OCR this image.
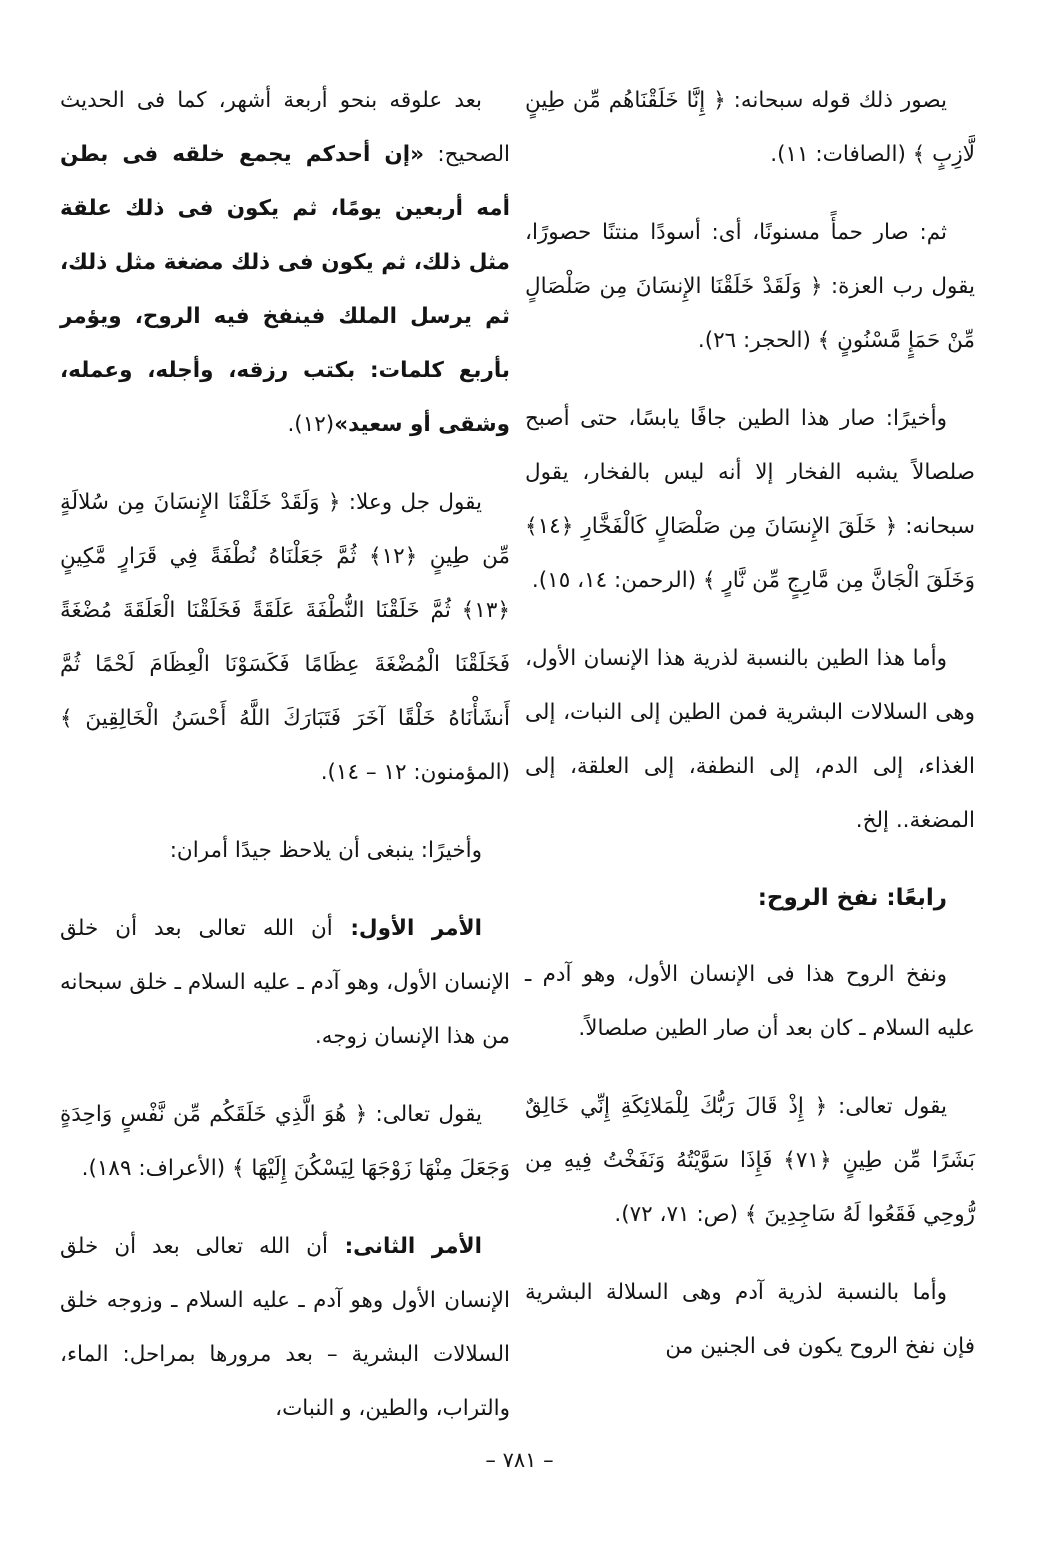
يصور ذلك قوله سبحانه: ﴿ إِنَّا خَلَقْنَاهُم مِّن طِينٍ لَّازِبٍ ﴾ (الصافات: ١١).

ثم: صار حمأً مسنونًا، أى: أسودًا منتنًا حصورًا، يقول رب العزة: ﴿ وَلَقَدْ خَلَقْنَا الإِنسَانَ مِن صَلْصَالٍ مِّنْ حَمَإٍ مَّسْنُونٍ ﴾ (الحجر: ٢٦).

وأخيرًا: صار هذا الطين جافًا يابسًا، حتى أصبح صلصالاً يشبه الفخار إلا أنه ليس بالفخار، يقول سبحانه: ﴿ خَلَقَ الإِنسَانَ مِن صَلْصَالٍ كَالْفَخَّارِ ﴿١٤﴾ وَخَلَقَ الْجَانَّ مِن مَّارِجٍ مِّن نَّارٍ ﴾ (الرحمن: ١٤، ١٥).

وأما هذا الطين بالنسبة لذرية هذا الإنسان الأول، وهى السلالات البشرية فمن الطين إلى النبات، إلى الغذاء، إلى الدم، إلى النطفة، إلى العلقة، إلى المضغة.. إلخ.

رابعًا: نفخ الروح:

ونفخ الروح هذا فى الإنسان الأول، وهو آدم ـ عليه السلام ـ كان بعد أن صار الطين صلصالاً.

يقول تعالى: ﴿ إِذْ قَالَ رَبُّكَ لِلْمَلائِكَةِ إِنِّي خَالِقٌ بَشَرًا مِّن طِينٍ ﴿٧١﴾ فَإِذَا سَوَّيْتُهُ وَنَفَخْتُ فِيهِ مِن رُّوحِي فَقَعُوا لَهُ سَاجِدِينَ ﴾ (ص: ٧١، ٧٢).

وأما بالنسبة لذرية آدم وهى السلالة البشرية فإن نفخ الروح يكون فى الجنين من

بعد علوقه بنحو أربعة أشهر، كما فى الحديث الصحيح: «إن أحدكم يجمع خلقه فى بطن أمه أربعين يومًا، ثم يكون فى ذلك علقة مثل ذلك، ثم يكون فى ذلك مضغة مثل ذلك، ثم يرسل الملك فينفخ فيه الروح، ويؤمر بأربع كلمات: بكتب رزقه، وأجله، وعمله، وشقى أو سعيد»(١٢).

يقول جل وعلا: ﴿ وَلَقَدْ خَلَقْنَا الإِنسَانَ مِن سُلالَةٍ مِّن طِينٍ ﴿١٢﴾ ثُمَّ جَعَلْنَاهُ نُطْفَةً فِي قَرَارٍ مَّكِينٍ ﴿١٣﴾ ثُمَّ خَلَقْنَا النُّطْفَةَ عَلَقَةً فَخَلَقْنَا الْعَلَقَةَ مُضْغَةً فَخَلَقْنَا الْمُضْغَةَ عِظَامًا فَكَسَوْنَا الْعِظَامَ لَحْمًا ثُمَّ أَنشَأْنَاهُ خَلْقًا آخَرَ فَتَبَارَكَ اللَّهُ أَحْسَنُ الْخَالِقِينَ ﴾ (المؤمنون: ١٢ – ١٤).

وأخيرًا: ينبغى أن يلاحظ جيدًا أمران:

الأمر الأول: أن الله تعالى بعد أن خلق الإنسان الأول، وهو آدم ـ عليه السلام ـ خلق سبحانه من هذا الإنسان زوجه.

يقول تعالى: ﴿ هُوَ الَّذِي خَلَقَكُم مِّن نَّفْسٍ وَاحِدَةٍ وَجَعَلَ مِنْهَا زَوْجَهَا لِيَسْكُنَ إِلَيْهَا ﴾ (الأعراف: ١٨٩).

الأمر الثانى: أن الله تعالى بعد أن خلق الإنسان الأول وهو آدم ـ عليه السلام ـ وزوجه خلق السلالات البشرية – بعد مرورها بمراحل: الماء، والتراب، والطين، و النبات،

– ٧٨١ –
